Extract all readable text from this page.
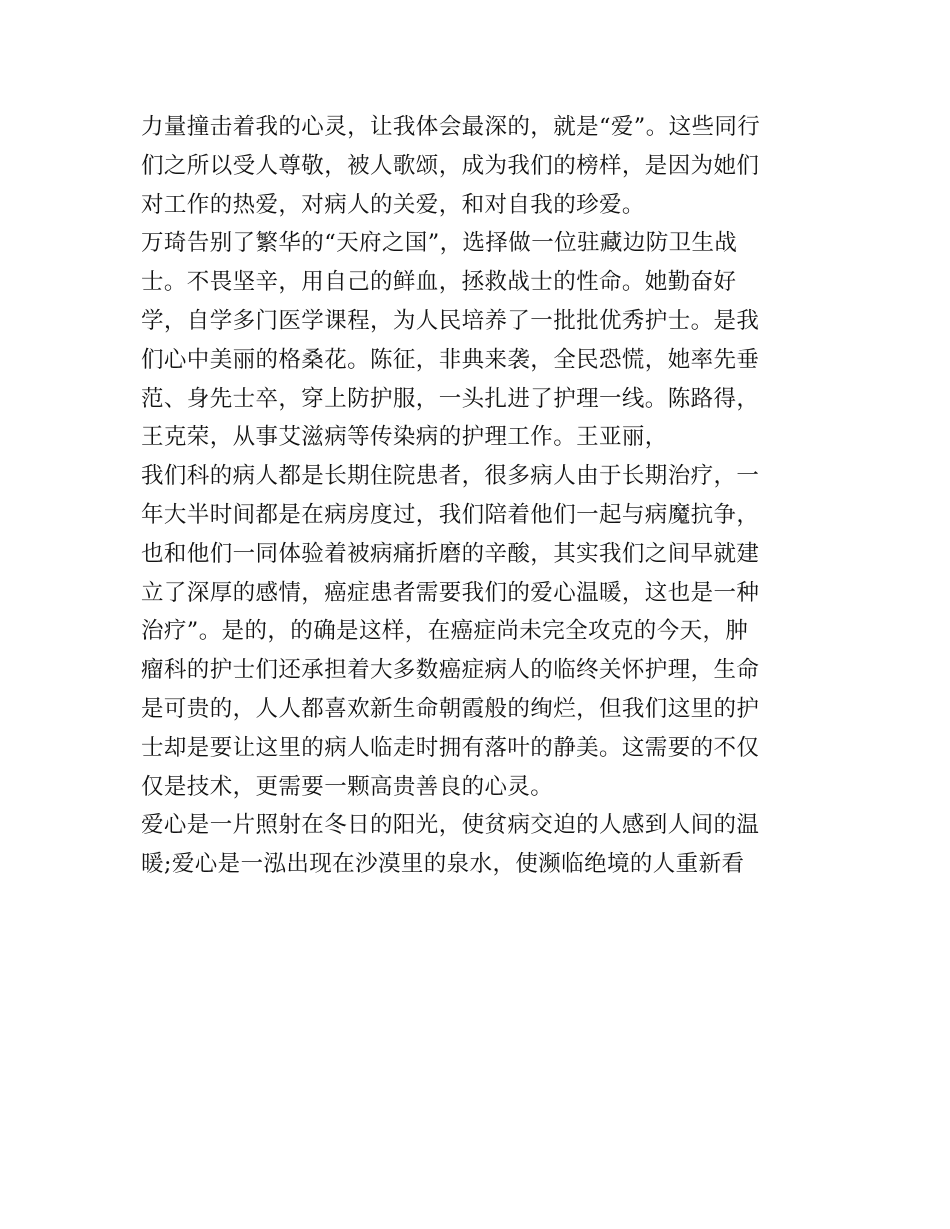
力量撞击着我的心灵，让我体会最深的，就是“爱”。这些同行
们之所以受人尊敬，被人歌颂，成为我们的榜样，是因为她们
对工作的热爱，对病人的关爱，和对自我的珍爱。
万琦告别了繁华的“天府之国”，选择做一位驻藏边防卫生战
士。不畏坚辛，用自己的鲜血，拯救战士的性命。她勤奋好
学，自学多门医学课程，为人民培养了一批批优秀护士。是我
们心中美丽的格桑花。陈征，非典来袭，全民恐慌，她率先垂
范、身先士卒，穿上防护服，一头扎进了护理一线。陈路得，
王克荣，从事艾滋病等传染病的护理工作。王亚丽，
我们科的病人都是长期住院患者，很多病人由于长期治疗，一
年大半时间都是在病房度过，我们陪着他们一起与病魔抗争，
也和他们一同体验着被病痛折磨的辛酸，其实我们之间早就建
立了深厚的感情，癌症患者需要我们的爱心温暖，这也是一种
治疗”。是的，的确是这样，在癌症尚未完全攻克的今天，肿
瘤科的护士们还承担着大多数癌症病人的临终关怀护理，生命
是可贵的，人人都喜欢新生命朝霞般的绚烂，但我们这里的护
士却是要让这里的病人临走时拥有落叶的静美。这需要的不仅
仅是技术，更需要一颗高贵善良的心灵。
爱心是一片照射在冬日的阳光，使贫病交迫的人感到人间的温
暖;爱心是一泓出现在沙漠里的泉水，使濒临绝境的人重新看
